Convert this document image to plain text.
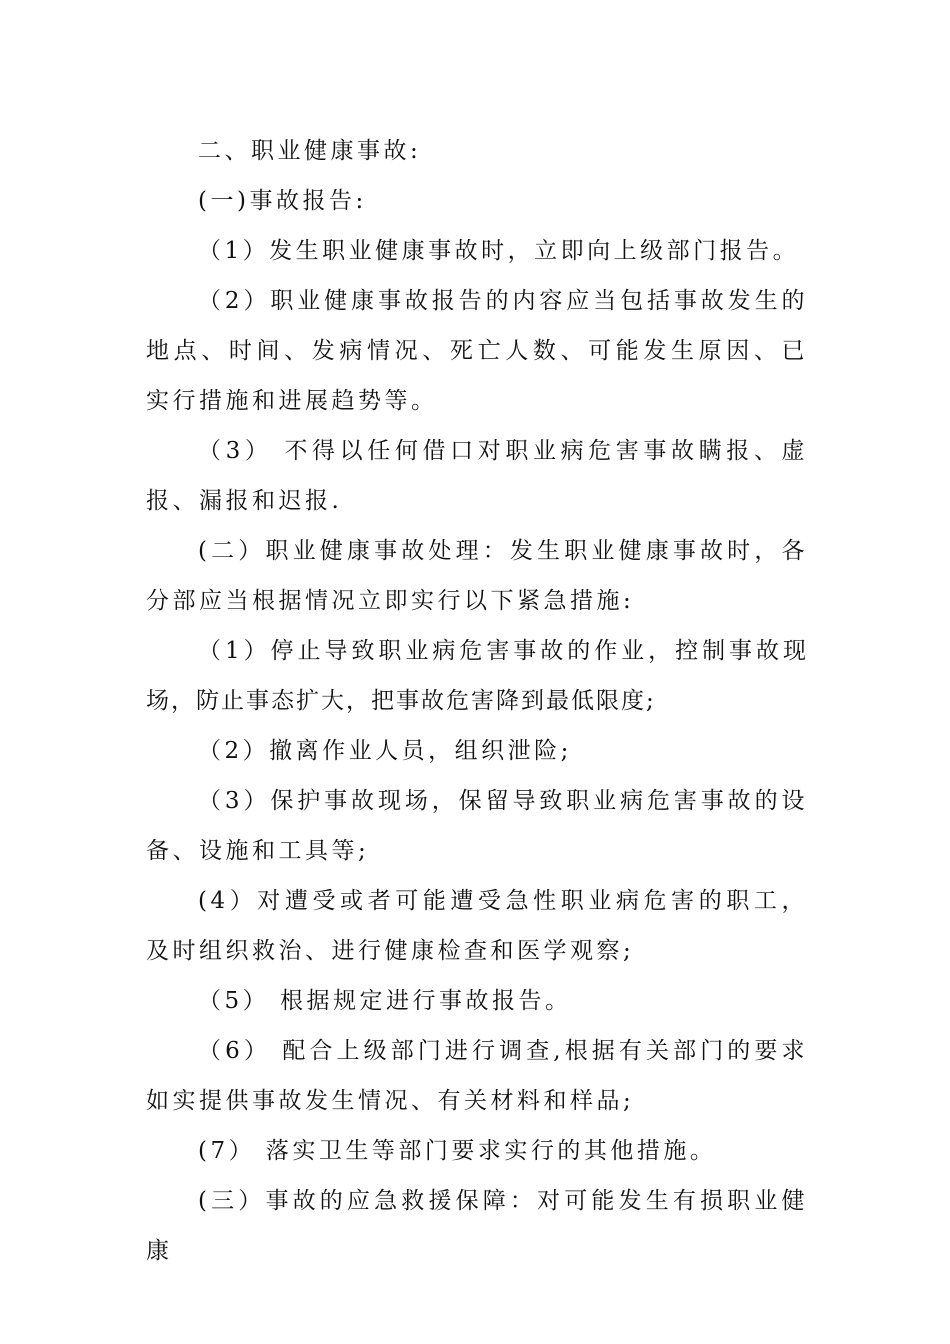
二、职业健康事故:

(一)事故报告:

（1）发生职业健康事故时，立即向上级部门报告。

（2）职业健康事故报告的内容应当包括事故发生的地点、时间、发病情况、死亡人数、可能发生原因、已实行措施和进展趋势等。

（3） 不得以任何借口对职业病危害事故瞒报、虚报、漏报和迟报.

(二）职业健康事故处理：发生职业健康事故时，各分部应当根据情况立即实行以下紧急措施:

（1）停止导致职业病危害事故的作业，控制事故现场，防止事态扩大，把事故危害降到最低限度;

（2）撤离作业人员，组织泄险;

（3）保护事故现场，保留导致职业病危害事故的设备、设施和工具等;

(4）对遭受或者可能遭受急性职业病危害的职工，及时组织救治、进行健康检查和医学观察;

（5） 根据规定进行事故报告。

（6） 配合上级部门进行调查,根据有关部门的要求如实提供事故发生情况、有关材料和样品;

(7） 落实卫生等部门要求实行的其他措施。

(三）事故的应急救援保障：对可能发生有损职业健康
